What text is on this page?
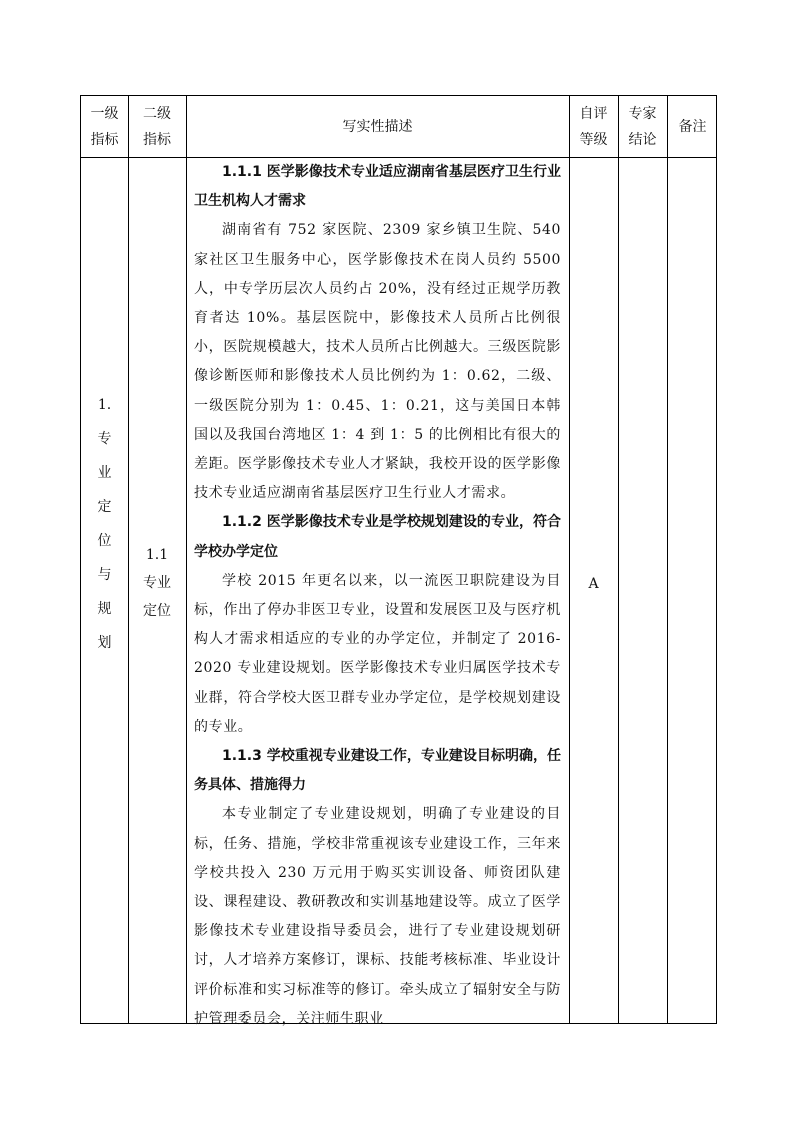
一级
指标
二级
指标
写实性描述
自评
等级
专家
结论
备注
1.
专
业
定
位
与
规
划
1.1
专业
定位

1.1.1 医学影像技术专业适应湖南省基层医疗卫生行业卫生机构人才需求

湖南省有 752 家医院、2309 家乡镇卫生院、540 家社区卫生服务中心，医学影像技术在岗人员约 5500 人，中专学历层次人员约占 20%，没有经过正规学历教育者达 10%。基层医院中，影像技术人员所占比例很小，医院规模越大，技术人员所占比例越大。三级医院影像诊断医师和影像技术人员比例约为 1：0.62，二级、一级医院分别为 1：0.45、1：0.21，这与美国日本韩国以及我国台湾地区 1：4 到 1：5 的比例相比有很大的差距。医学影像技术专业人才紧缺，我校开设的医学影像技术专业适应湖南省基层医疗卫生行业人才需求。

1.1.2 医学影像技术专业是学校规划建设的专业，符合学校办学定位

学校 2015 年更名以来，以一流医卫职院建设为目标，作出了停办非医卫专业，设置和发展医卫及与医疗机构人才需求相适应的专业的办学定位，并制定了 2016-2020 专业建设规划。医学影像技术专业归属医学技术专业群，符合学校大医卫群专业办学定位，是学校规划建设的专业。

1.1.3 学校重视专业建设工作，专业建设目标明确，任务具体、措施得力

本专业制定了专业建设规划，明确了专业建设的目标，任务、措施，学校非常重视该专业建设工作，三年来学校共投入 230 万元用于购买实训设备、师资团队建设、课程建设、教研教改和实训基地建设等。成立了医学影像技术专业建设指导委员会，进行了专业建设规划研讨，人才培养方案修订，课标、技能考核标准、毕业设计评价标准和实习标准等的修订。牵头成立了辐射安全与防护管理委员会，关注师生职业

A
